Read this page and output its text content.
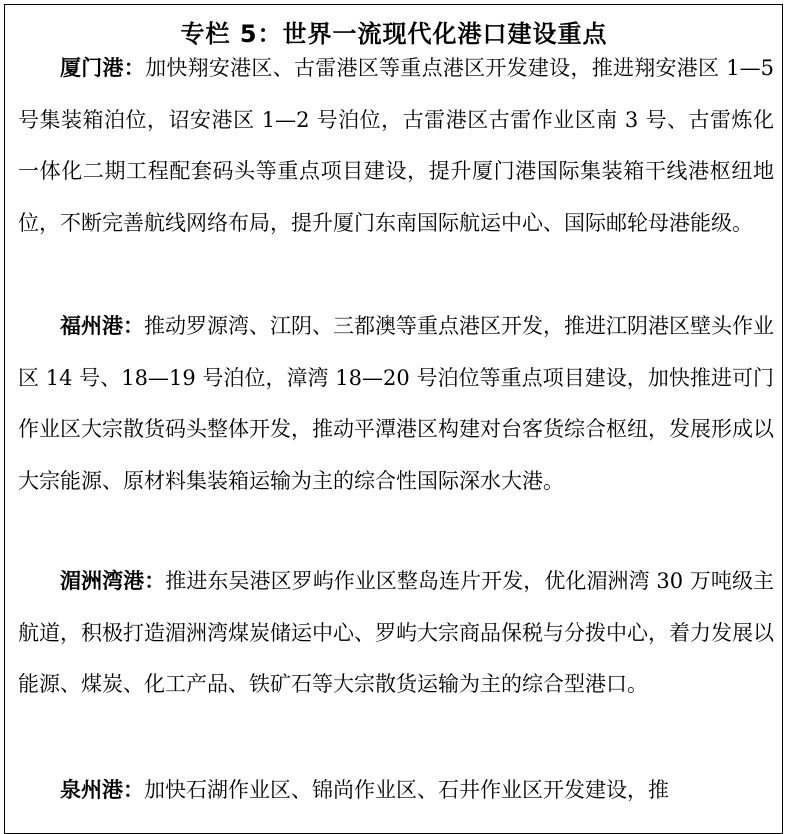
专栏 5：世界一流现代化港口建设重点

厦门港：加快翔安港区、古雷港区等重点港区开发建设，推进翔安港区 1—5 号集装箱泊位，诏安港区 1—2 号泊位，古雷港区古雷作业区南 3 号、古雷炼化一体化二期工程配套码头等重点项目建设，提升厦门港国际集装箱干线港枢纽地位，不断完善航线网络布局，提升厦门东南国际航运中心、国际邮轮母港能级。

福州港：推动罗源湾、江阴、三都澳等重点港区开发，推进江阴港区壁头作业区 14 号、18—19 号泊位，漳湾 18—20 号泊位等重点项目建设，加快推进可门作业区大宗散货码头整体开发，推动平潭港区构建对台客货综合枢纽，发展形成以大宗能源、原材料集装箱运输为主的综合性国际深水大港。

湄洲湾港：推进东吴港区罗屿作业区整岛连片开发，优化湄洲湾 30 万吨级主航道，积极打造湄洲湾煤炭储运中心、罗屿大宗商品保税与分拨中心，着力发展以能源、煤炭、化工产品、铁矿石等大宗散货运输为主的综合型港口。

泉州港：加快石湖作业区、锦尚作业区、石井作业区开发建设，推
